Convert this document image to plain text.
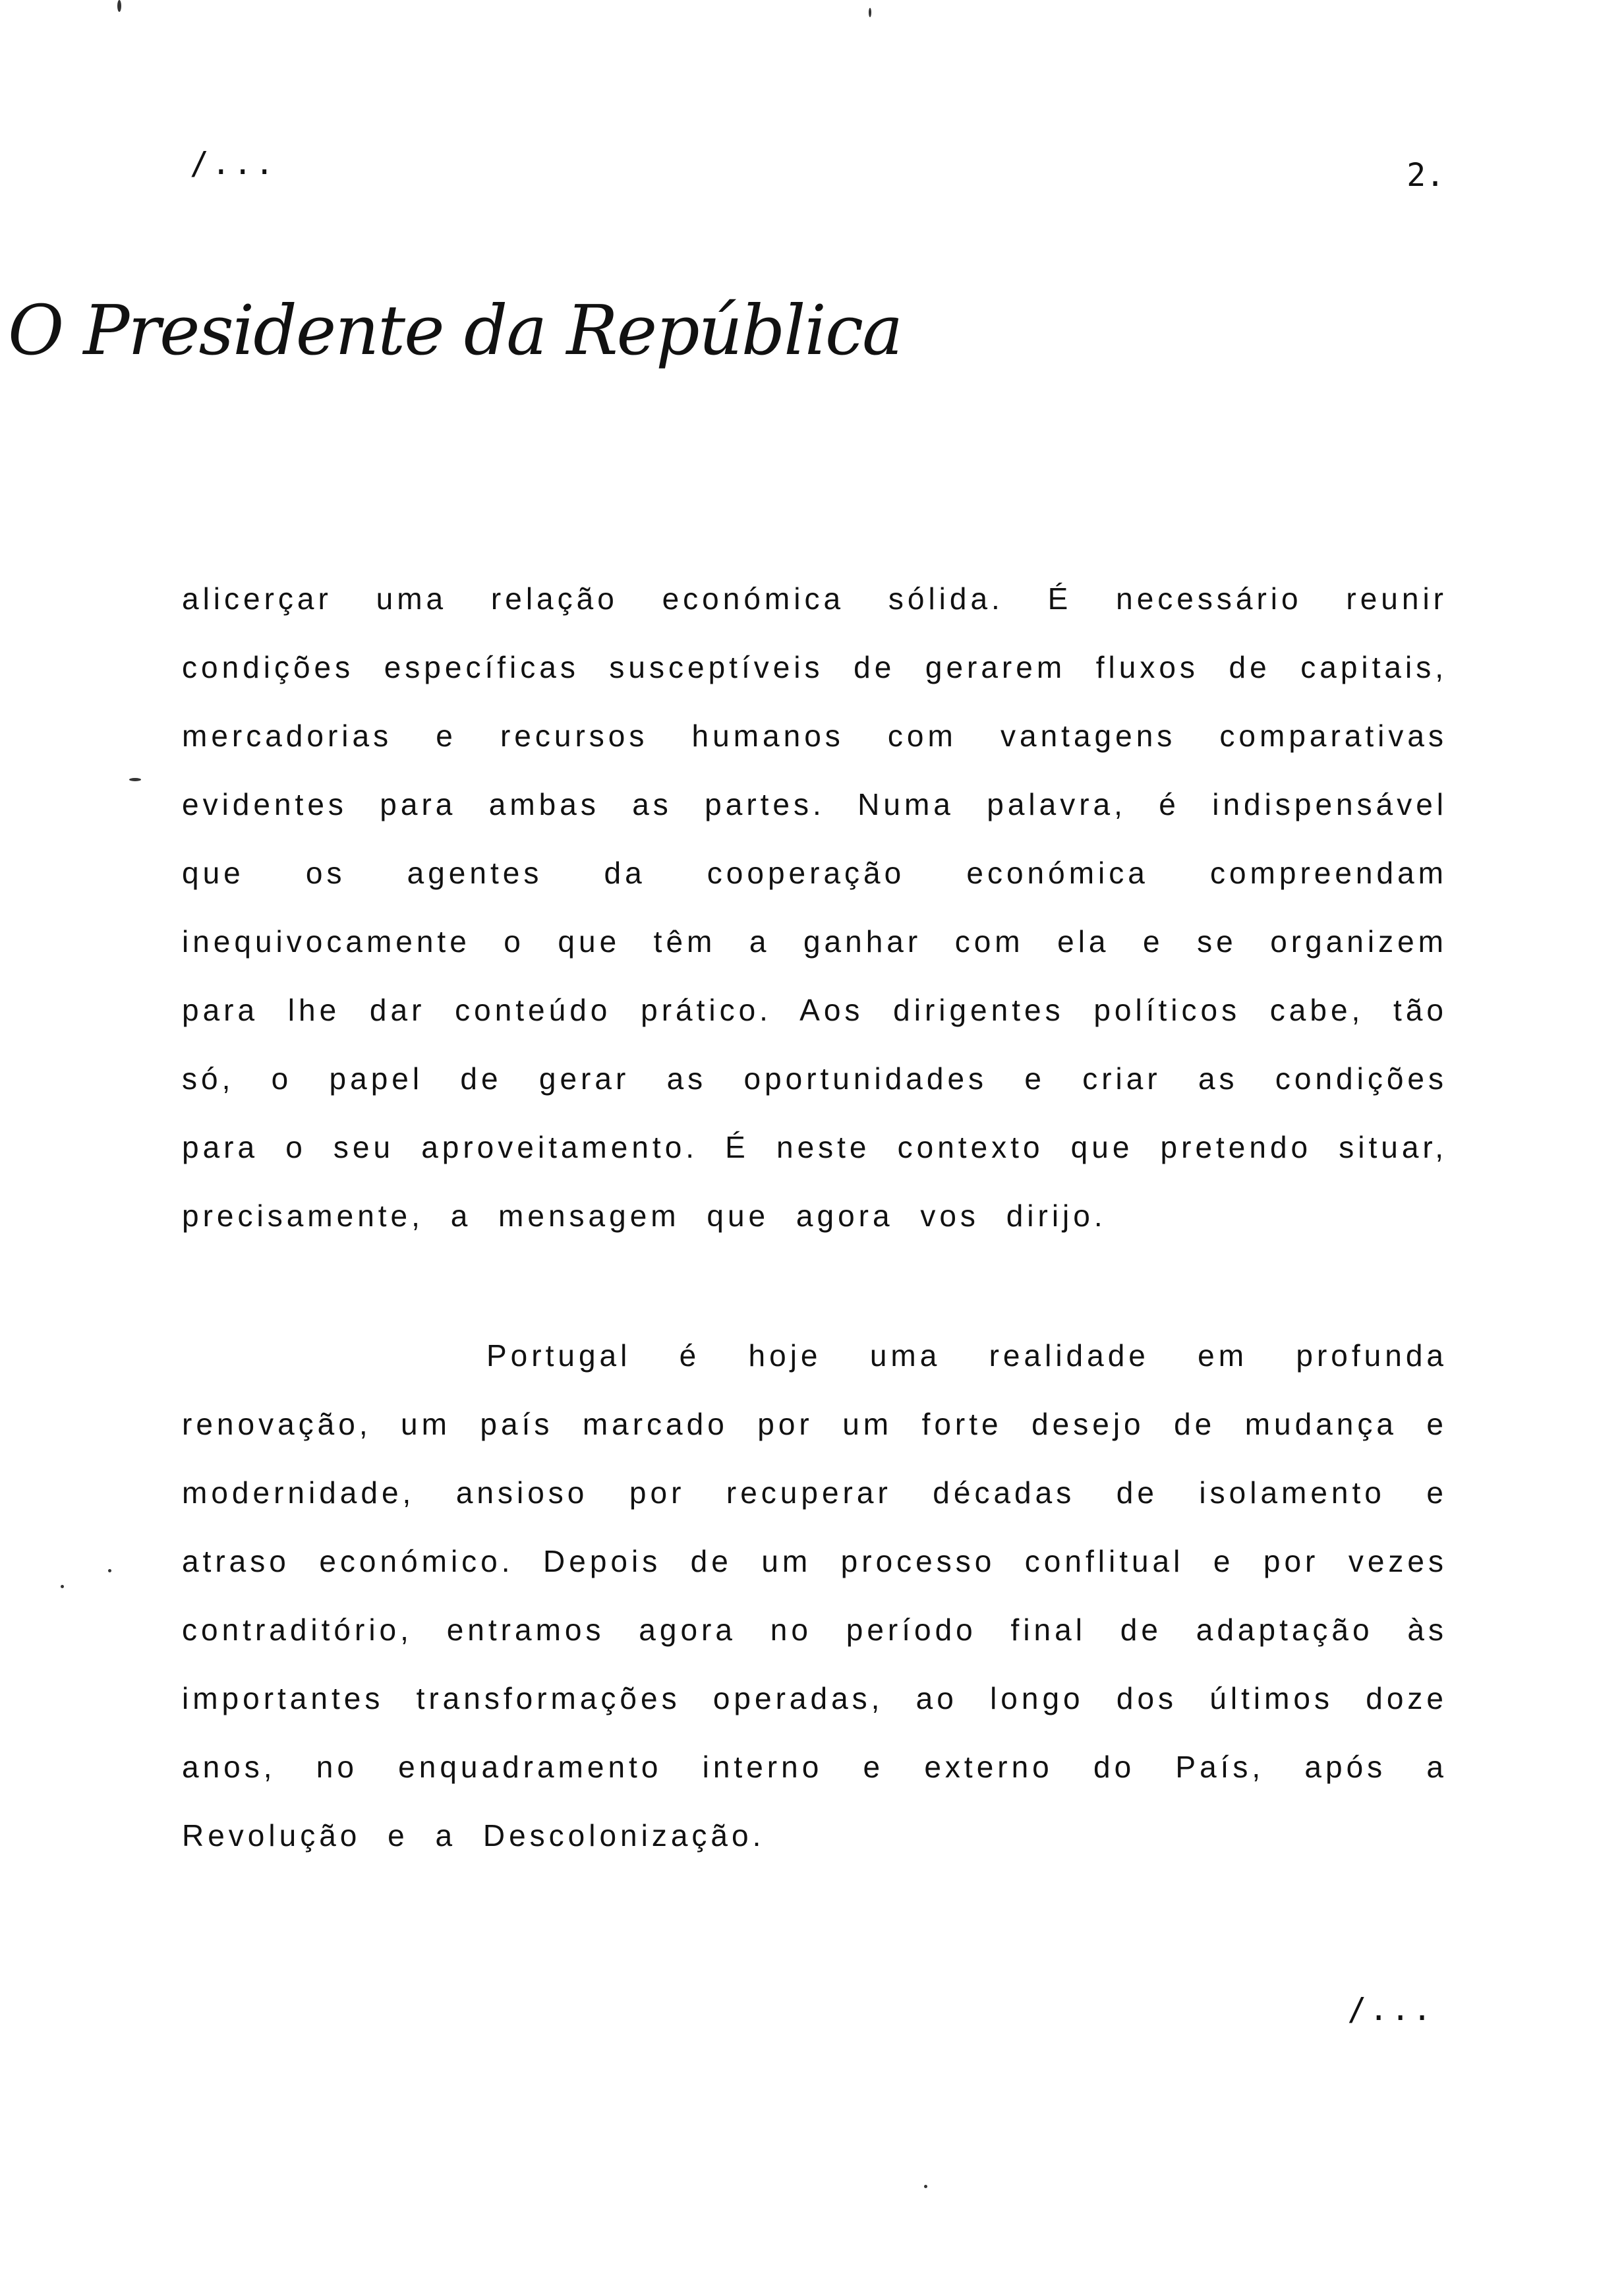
/...	2.
O Presidente da República

alicerçar uma relação económica sólida. É necessário reunir condições específicas susceptíveis de gerarem fluxos de capitais, mercadorias e recursos humanos com vantagens comparativas evidentes para ambas as partes. Numa palavra, é indispensável que os agentes da cooperação económica compreendam inequivocamente o que têm a ganhar com ela e se organizem para lhe dar conteúdo prático. Aos dirigentes políticos cabe, tão só, o papel de gerar as oportunidades e criar as condições para o seu aproveitamento. É neste contexto que pretendo situar, precisamente, a mensagem que agora vos dirijo.

Portugal é hoje uma realidade em profunda renovação, um país marcado por um forte desejo de mudança e modernidade, ansioso por recuperar décadas de isolamento e atraso económico. Depois de um processo conflitual e por vezes contraditório, entramos agora no período final de adaptação às importantes transformações operadas, ao longo dos últimos doze anos, no enquadramento interno e externo do País, após a Revolução e a Descolonização.

/...
